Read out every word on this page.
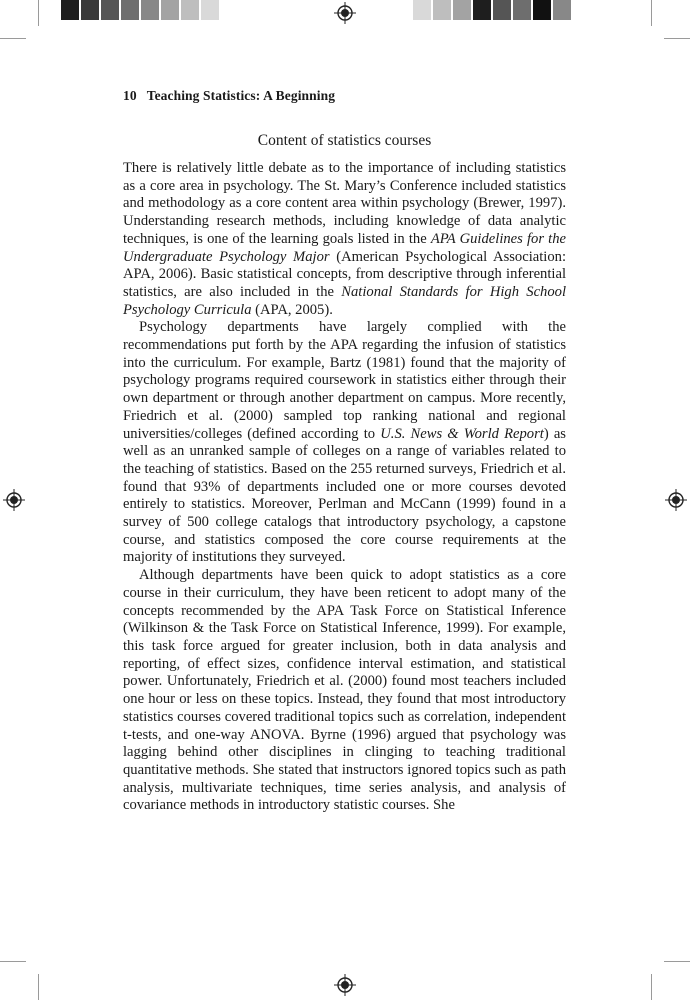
10 Teaching Statistics: A Beginning
Content of statistics courses

There is relatively little debate as to the importance of including statistics as a core area in psychology. The St. Mary’s Conference included statistics and methodology as a core content area within psychology (Brewer, 1997). Understanding research methods, including knowledge of data analytic techniques, is one of the learning goals listed in the APA Guidelines for the Undergraduate Psychology Major (American Psychological Association: APA, 2006). Basic statistical concepts, from descriptive through inferential statistics, are also included in the National Standards for High School Psychology Curricula (APA, 2005).

Psychology departments have largely complied with the recommendations put forth by the APA regarding the infusion of statistics into the curriculum. For example, Bartz (1981) found that the majority of psychology programs required coursework in statistics either through their own department or through another department on campus. More recently, Friedrich et al. (2000) sampled top ranking national and regional universities/colleges (defined according to U.S. News & World Report) as well as an unranked sample of colleges on a range of variables related to the teaching of statistics. Based on the 255 returned surveys, Friedrich et al. found that 93% of departments included one or more courses devoted entirely to statistics. Moreover, Perlman and McCann (1999) found in a survey of 500 college catalogs that introductory psychology, a capstone course, and statistics composed the core course requirements at the majority of institutions they surveyed.

Although departments have been quick to adopt statistics as a core course in their curriculum, they have been reticent to adopt many of the concepts recommended by the APA Task Force on Statistical Inference (Wilkinson & the Task Force on Statistical Inference, 1999). For example, this task force argued for greater inclusion, both in data analysis and reporting, of effect sizes, confidence interval estimation, and statistical power. Unfortunately, Friedrich et al. (2000) found most teachers included one hour or less on these topics. Instead, they found that most introductory statistics courses covered traditional topics such as correlation, independent t-tests, and one-way ANOVA. Byrne (1996) argued that psychology was lagging behind other disciplines in clinging to teaching traditional quantitative methods. She stated that instructors ignored topics such as path analysis, multivariate techniques, time series analysis, and analysis of covariance methods in introductory statistic courses. She
